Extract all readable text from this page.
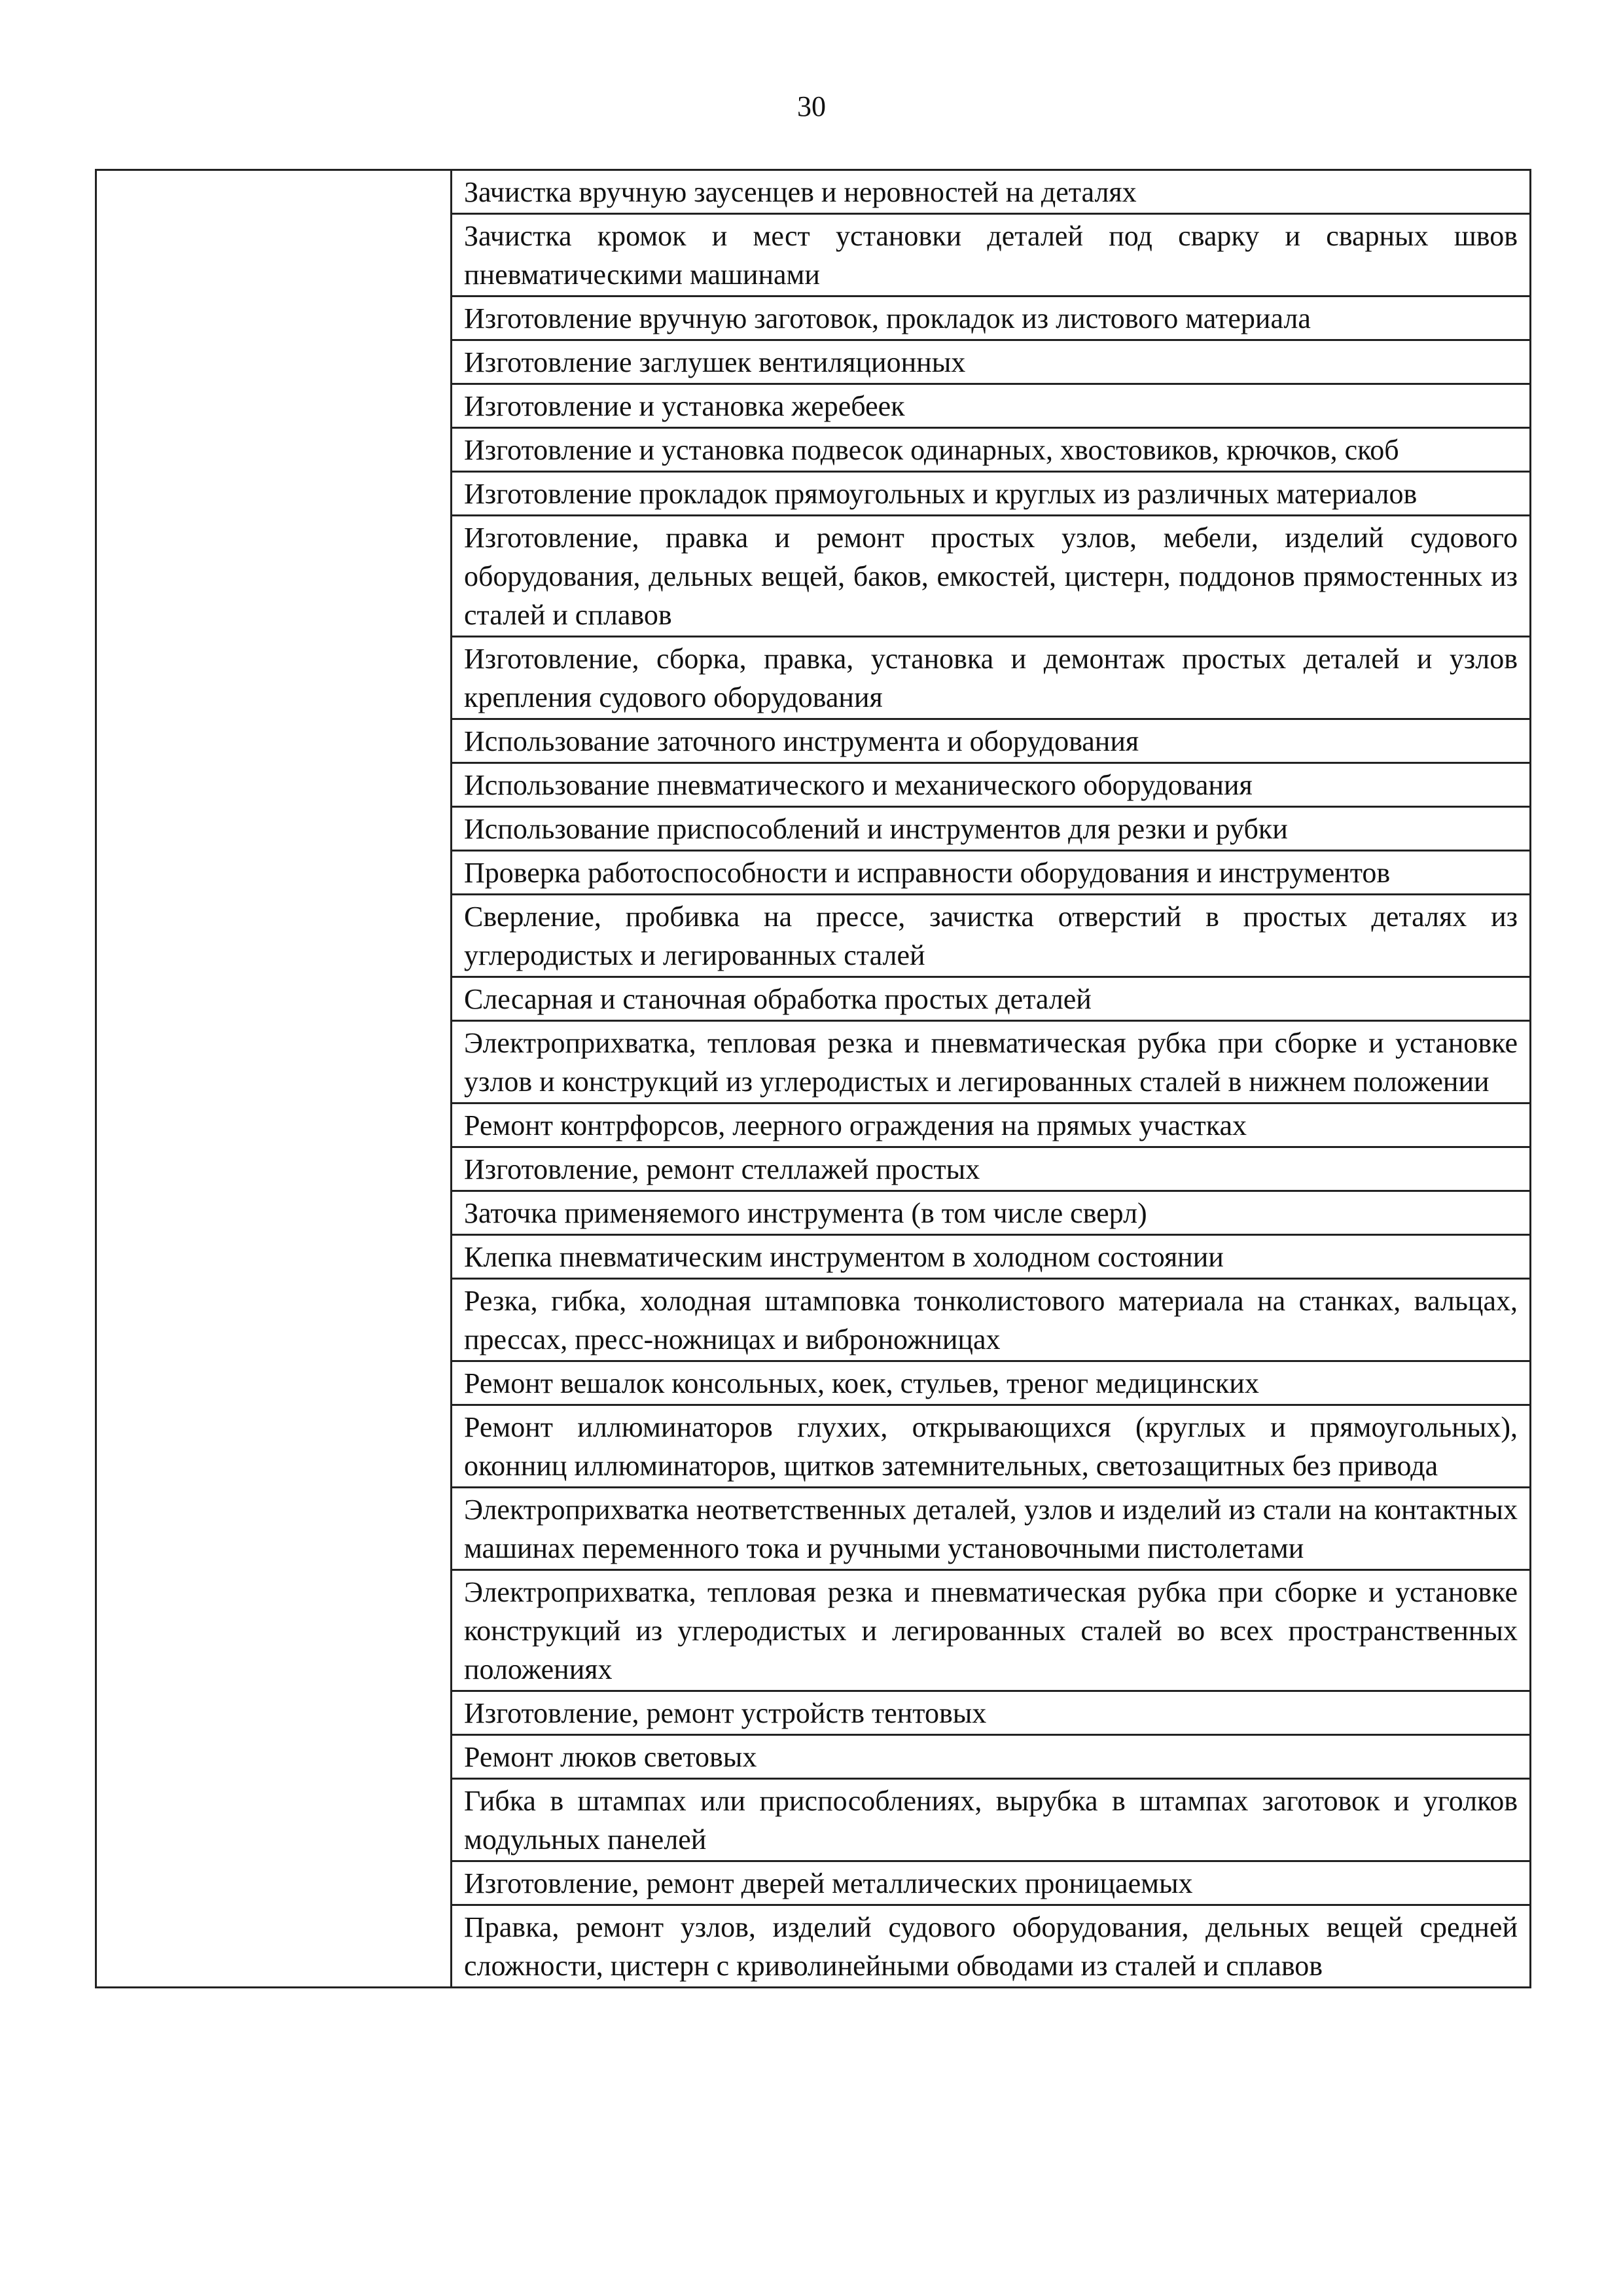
30
	Зачистка вручную заусенцев и неровностей на деталях
Зачистка кромок и мест установки деталей под сварку и сварных швов пневматическими машинами
Изготовление вручную заготовок, прокладок из листового материала
Изготовление заглушек вентиляционных
Изготовление и установка жеребеек
Изготовление и установка подвесок одинарных, хвостовиков, крючков, скоб
Изготовление прокладок прямоугольных и круглых из различных материалов
Изготовление, правка и ремонт простых узлов, мебели, изделий судового оборудования, дельных вещей, баков, емкостей, цистерн, поддонов прямостенных из сталей и сплавов
Изготовление, сборка, правка, установка и демонтаж простых деталей и узлов крепления судового оборудования
Использование заточного инструмента и оборудования
Использование пневматического и механического оборудования
Использование приспособлений и инструментов для резки и рубки
Проверка работоспособности и исправности оборудования и инструментов
Сверление, пробивка на прессе, зачистка отверстий в простых деталях из углеродистых и легированных сталей
Слесарная и станочная обработка простых деталей
Электроприхватка, тепловая резка и пневматическая рубка при сборке и установке узлов и конструкций из углеродистых и легированных сталей в нижнем положении
Ремонт контрфорсов, леерного ограждения на прямых участках
Изготовление, ремонт стеллажей простых
Заточка применяемого инструмента (в том числе сверл)
Клепка пневматическим инструментом в холодном состоянии
Резка, гибка, холодная штамповка тонколистового материала на станках, вальцах, прессах, пресс-ножницах и виброножницах
Ремонт вешалок консольных, коек, стульев, треног медицинских
Ремонт иллюминаторов глухих, открывающихся (круглых и прямоугольных), оконниц иллюминаторов, щитков затемнительных, светозащитных без привода
Электроприхватка неответственных деталей, узлов и изделий из стали на контактных машинах переменного тока и ручными установочными пистолетами
Электроприхватка, тепловая резка и пневматическая рубка при сборке и установке конструкций из углеродистых и легированных сталей во всех пространственных положениях
Изготовление, ремонт устройств тентовых
Ремонт люков световых
Гибка в штампах или приспособлениях, вырубка в штампах заготовок и уголков модульных панелей
Изготовление, ремонт дверей металлических проницаемых
Правка, ремонт узлов, изделий судового оборудования, дельных вещей средней сложности, цистерн с криволинейными обводами из сталей и сплавов
